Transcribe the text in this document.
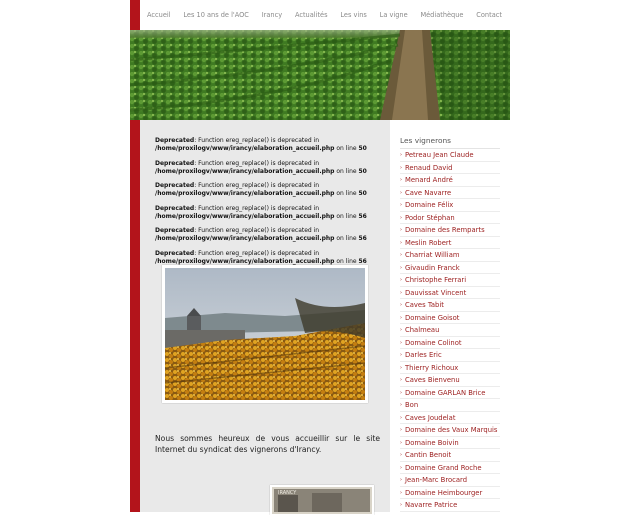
Accueil Les 10 ans de l'AOC Irancy Actualités Les vins La vigne Médiathèque Contact
Deprecated: Function ereg_replace() is deprecated in
/home/proxilogv/www/irancy/elaboration_accueil.php on line 50
Deprecated: Function ereg_replace() is deprecated in
/home/proxilogv/www/irancy/elaboration_accueil.php on line 50
Deprecated: Function ereg_replace() is deprecated in
/home/proxilogv/www/irancy/elaboration_accueil.php on line 50
Deprecated: Function ereg_replace() is deprecated in
/home/proxilogv/www/irancy/elaboration_accueil.php on line 56
Deprecated: Function ereg_replace() is deprecated in
/home/proxilogv/www/irancy/elaboration_accueil.php on line 56
Deprecated: Function ereg_replace() is deprecated in
/home/proxilogv/www/irancy/elaboration_accueil.php on line 56

Nous sommes heureux de vous accueillir sur le site Internet du syndicat des vignerons d'Irancy.

IRANCY
Les vignerons
› Petreau Jean Claude
› Renaud David
› Menard André
› Cave Navarre
› Domaine Félix
› Podor Stéphan
› Domaine des Remparts
› Meslin Robert
› Charriat William
› Givaudin Franck
› Christophe Ferrari
› Dauvissat Vincent
› Caves Tabit
› Domaine Goisot
› Chalmeau
› Domaine Colinot
› Darles Eric
› Thierry Richoux
› Caves Bienvenu
› Domaine GARLAN Brice
› Bon
› Caves Joudelat
› Domaine des Vaux Marquis
› Domaine Boivin
› Cantin Benoit
› Domaine Grand Roche
› Jean-Marc Brocard
› Domaine Heimbourger
› Navarre Patrice
